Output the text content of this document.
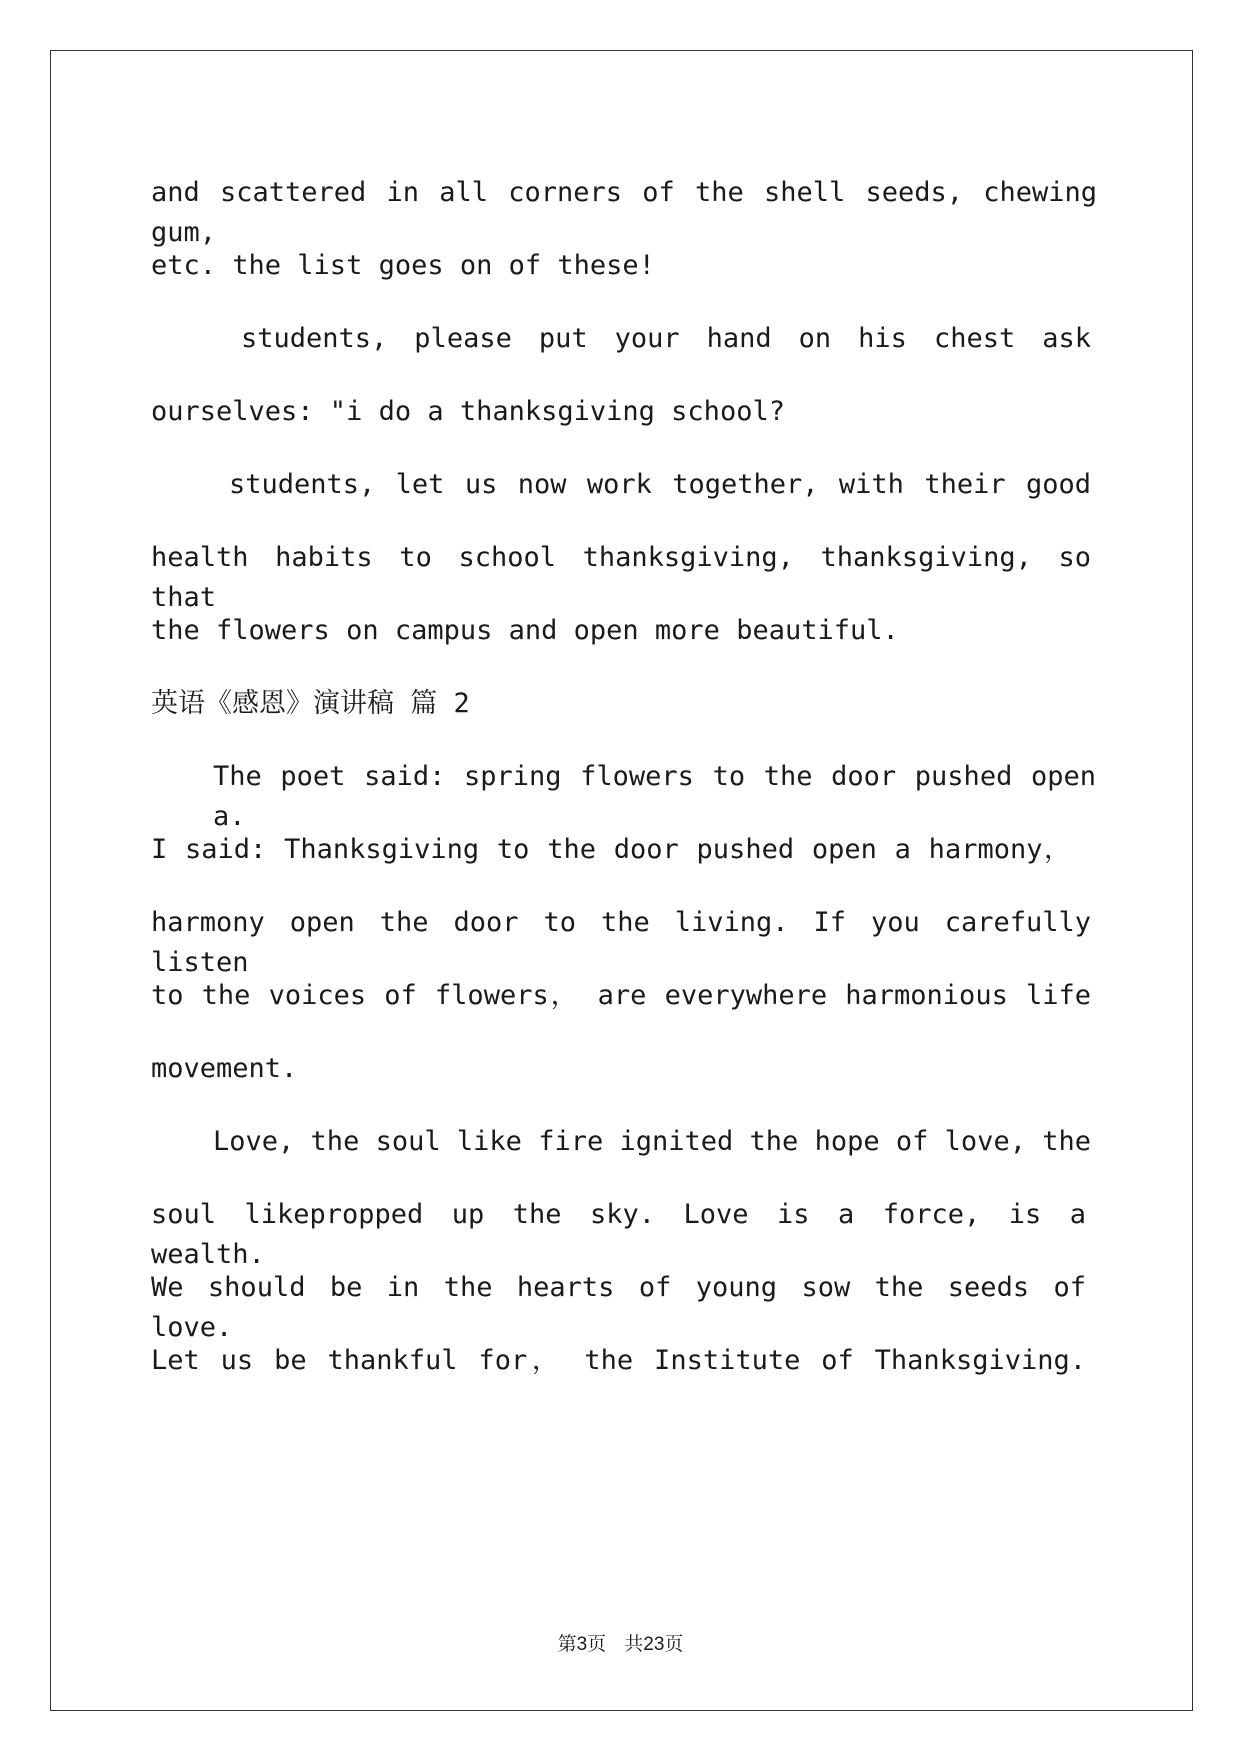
and scattered in all corners of the shell seeds, chewing gum,

etc. the list goes on of these!

students, please put your hand on his chest ask

ourselves: "i do a thanksgiving school?

students, let us now work together, with their good

health habits to school thanksgiving, thanksgiving, so that

the flowers on campus and open more beautiful.

英语《感恩》演讲稿 篇 2

The poet said: spring flowers to the door pushed open a.

I said: Thanksgiving to the door pushed open a harmony，

harmony open the door to the living. If you carefully listen

to the voices of flowers， are everywhere harmonious life

movement.

Love, the soul like fire ignited the hope of love, the

soul likepropped up the sky. Love is a force, is a wealth.

We should be in the hearts of young sow the seeds of love.

Let us be thankful for， the Institute of Thanksgiving.

第3页   共23页
